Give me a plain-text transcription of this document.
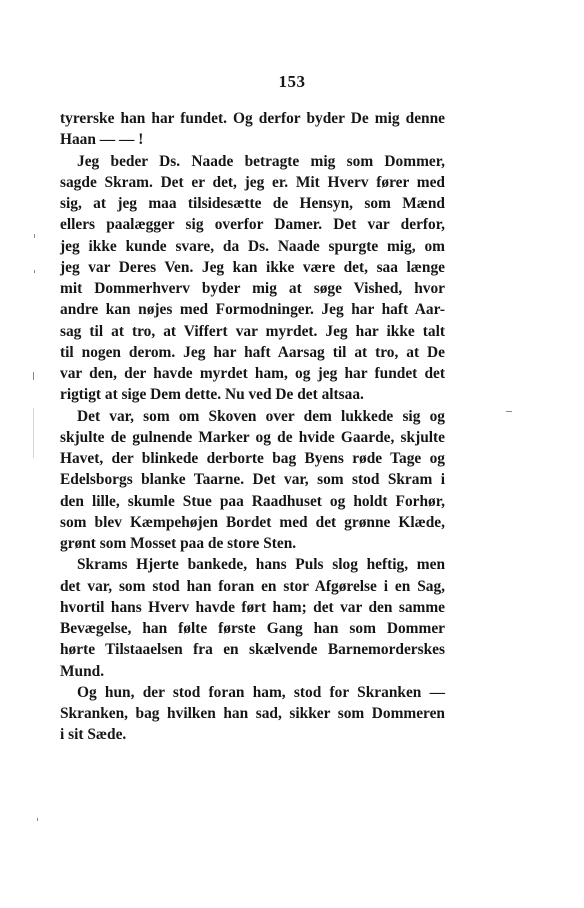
153
tyrerske han har fundet. Og derfor byder De mig denne
Haan — — !
Jeg beder Ds. Naade betragte mig som Dommer,
sagde Skram. Det er det, jeg er. Mit Hverv fører med
sig, at jeg maa tilsidesætte de Hensyn, som Mænd
ellers paalægger sig overfor Damer. Det var derfor,
jeg ikke kunde svare, da Ds. Naade spurgte mig, om
jeg var Deres Ven. Jeg kan ikke være det, saa længe
mit Dommerhverv byder mig at søge Vished, hvor
andre kan nøjes med Formodninger. Jeg har haft Aar-
sag til at tro, at Viffert var myrdet. Jeg har ikke talt
til nogen derom. Jeg har haft Aarsag til at tro, at De
var den, der havde myrdet ham, og jeg har fundet det
rigtigt at sige Dem dette. Nu ved De det altsaa.
Det var, som om Skoven over dem lukkede sig og
skjulte de gulnende Marker og de hvide Gaarde, skjulte
Havet, der blinkede derborte bag Byens røde Tage og
Edelsborgs blanke Taarne. Det var, som stod Skram i
den lille, skumle Stue paa Raadhuset og holdt Forhør,
som blev Kæmpehøjen Bordet med det grønne Klæde,
grønt som Mosset paa de store Sten.
Skrams Hjerte bankede, hans Puls slog heftig, men
det var, som stod han foran en stor Afgørelse i en Sag,
hvortil hans Hverv havde ført ham; det var den samme
Bevægelse, han følte første Gang han som Dommer
hørte Tilstaaelsen fra en skælvende Barnemorderskes
Mund.
Og hun, der stod foran ham, stod for Skranken —
Skranken, bag hvilken han sad, sikker som Dommeren
i sit Sæde.
